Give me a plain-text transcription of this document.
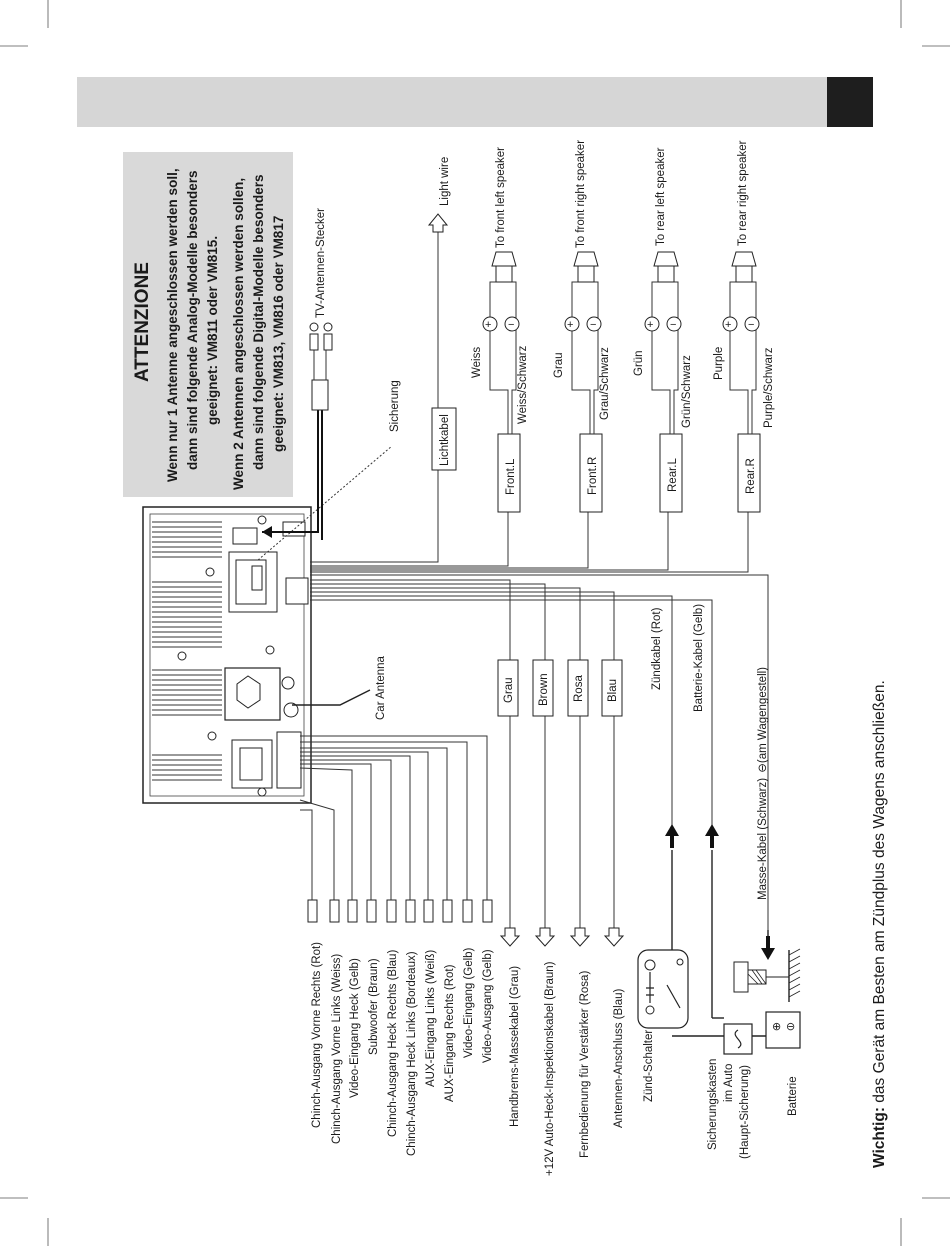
ATTENZIONE Wenn nur 1 Antenne angeschlossen werden soll, dann sind folgende Analog-Modelle besonders geeignet: VM811 oder VM815. Wenn 2 Antennen angeschlossen werden sollen, dann sind folgende Digital-Modelle besonders geeignet: VM813, VM816 oder VM817
Chinch-Ausgang Vorne Rechts (Rot) Chinch-Ausgang Vorne Links (Weiss) Video-Eingang Heck (Gelb) Subwoofer (Braun) Chinch-Ausgang Heck Rechts (Blau) Chinch-Ausgang Heck Links (Bordeaux) AUX-Eingang Links (Weiß) AUX-Eingang Rechts (Rot) Video-Eingang (Gelb) Video-Ausgang (Gelb)
Grau Brown Rosa Blau
Handbrems-Massekabel (Grau) +12V Auto-Heck-Inspektionskabel (Braun) Fernbedienung für Verstärker (Rosa) Antennen-Anschluss (Blau)
Zündkabel (Rot)	Batterie-Kabel (Gelb)
Masse-Kabel (Schwarz) ⊖(am Wagengestell)
Zünd-Schalter	Sicherungskasten im Auto (Haupt-Sicherung)	Batterie
⊕ ⊖
Car Antenna
Sicherung
TV-Antennen-Stecker
Lichtkabel
Light wire
+ −	+ −	+ −	+ −
Front.L	Front.R	Rear.L	Rear.R
Weiss	Weiss/Schwarz Grau	Grau/Schwarz Grün	Grün/Schwarz Purple	Purple/Schwarz
To front left speaker	To front right speaker	To rear left speaker	To rear right speaker
Wichtig: das Gerät am Besten am Zündplus des Wagens anschließen.
